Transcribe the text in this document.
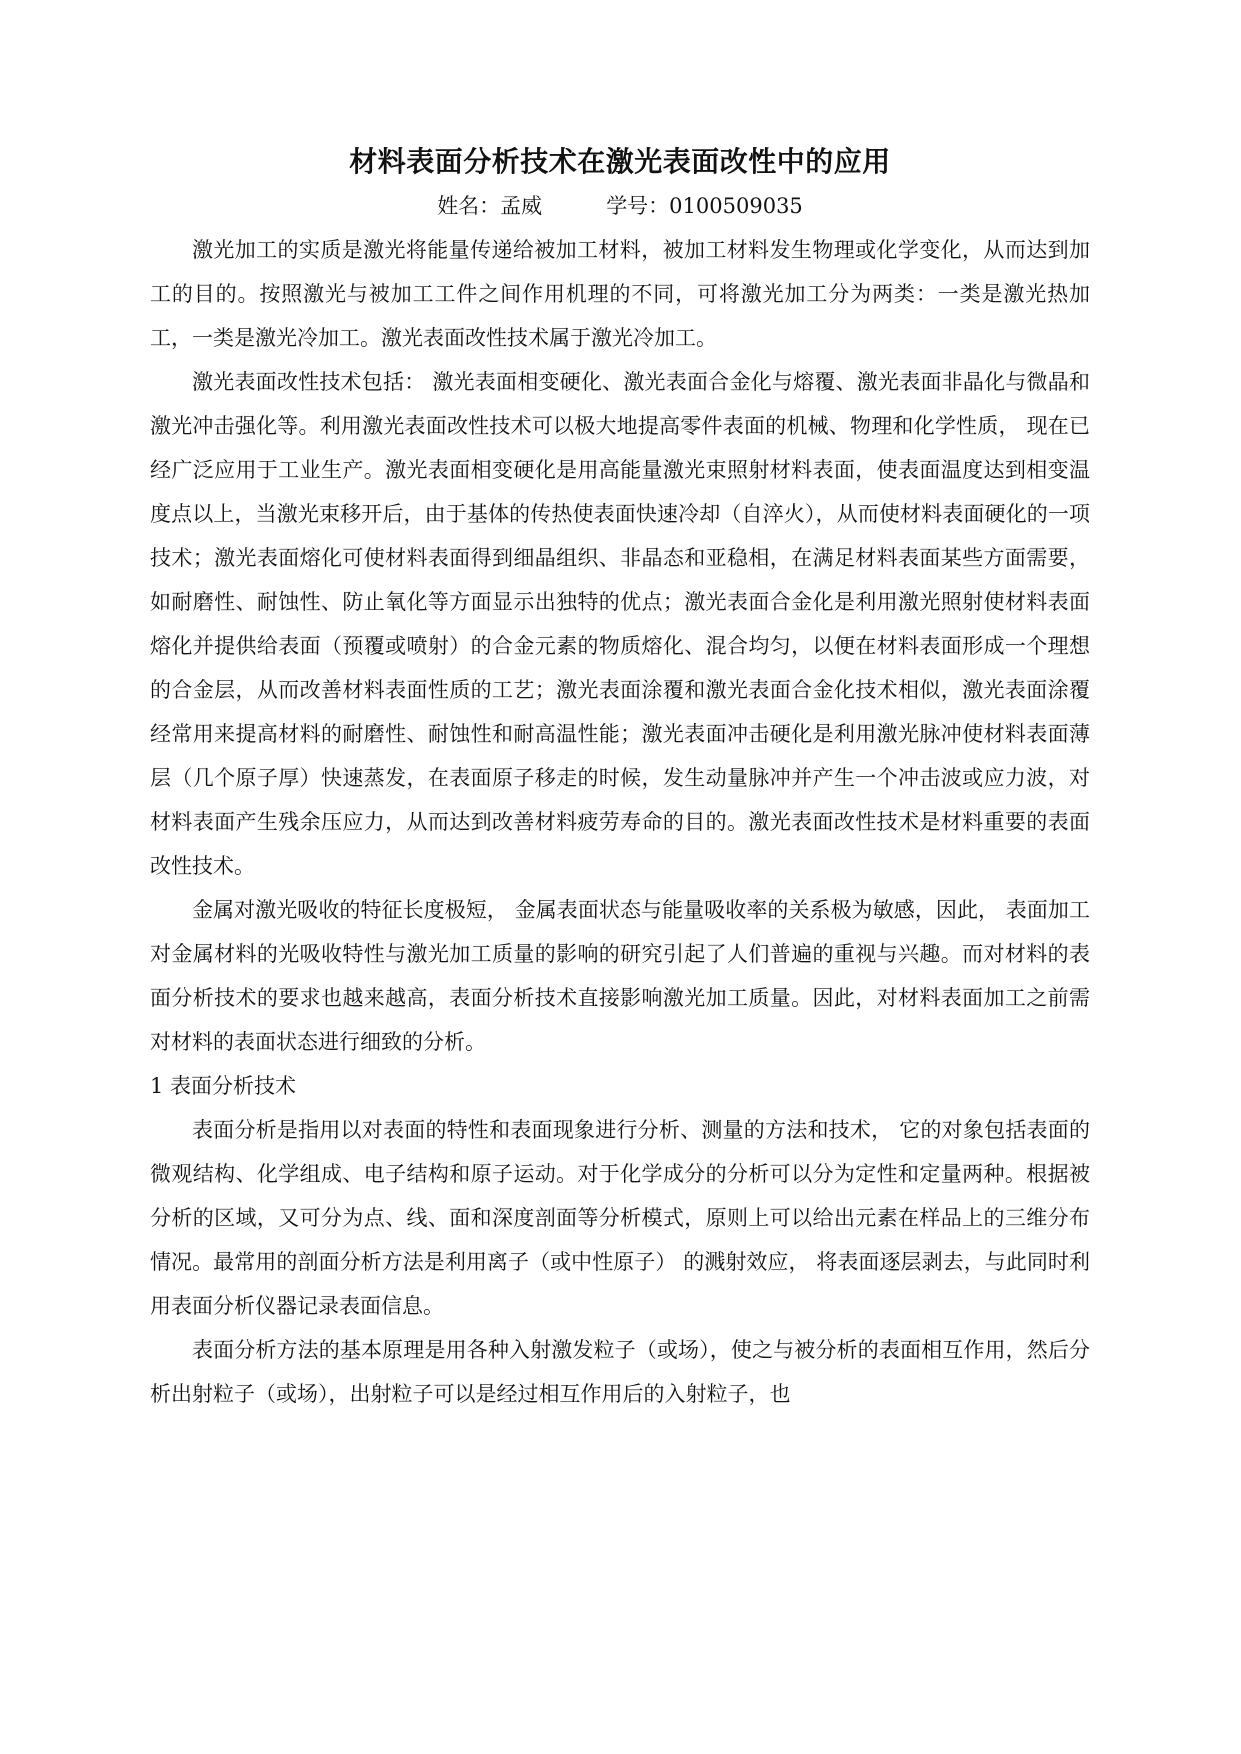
材料表面分析技术在激光表面改性中的应用
姓名：孟威	学号：0100509035

激光加工的实质是激光将能量传递给被加工材料，被加工材料发生物理或化学变化，从而达到加工的目的。按照激光与被加工工件之间作用机理的不同，可将激光加工分为两类：一类是激光热加工，一类是激光冷加工。激光表面改性技术属于激光冷加工。

激光表面改性技术包括： 激光表面相变硬化、激光表面合金化与熔覆、激光表面非晶化与微晶和激光冲击强化等。利用激光表面改性技术可以极大地提高零件表面的机械、物理和化学性质， 现在已经广泛应用于工业生产。激光表面相变硬化是用高能量激光束照射材料表面，使表面温度达到相变温度点以上，当激光束移开后，由于基体的传热使表面快速冷却（自淬火），从而使材料表面硬化的一项技术；激光表面熔化可使材料表面得到细晶组织、非晶态和亚稳相，在满足材料表面某些方面需要，如耐磨性、耐蚀性、防止氧化等方面显示出独特的优点；激光表面合金化是利用激光照射使材料表面熔化并提供给表面（预覆或喷射）的合金元素的物质熔化、混合均匀，以便在材料表面形成一个理想的合金层，从而改善材料表面性质的工艺；激光表面涂覆和激光表面合金化技术相似，激光表面涂覆经常用来提高材料的耐磨性、耐蚀性和耐高温性能；激光表面冲击硬化是利用激光脉冲使材料表面薄层（几个原子厚）快速蒸发，在表面原子移走的时候，发生动量脉冲并产生一个冲击波或应力波，对材料表面产生残余压应力，从而达到改善材料疲劳寿命的目的。激光表面改性技术是材料重要的表面改性技术。

金属对激光吸收的特征长度极短， 金属表面状态与能量吸收率的关系极为敏感，因此， 表面加工对金属材料的光吸收特性与激光加工质量的影响的研究引起了人们普遍的重视与兴趣。而对材料的表面分析技术的要求也越来越高，表面分析技术直接影响激光加工质量。因此，对材料表面加工之前需对材料的表面状态进行细致的分析。

1 表面分析技术

表面分析是指用以对表面的特性和表面现象进行分析、测量的方法和技术， 它的对象包括表面的微观结构、化学组成、电子结构和原子运动。对于化学成分的分析可以分为定性和定量两种。根据被分析的区域，又可分为点、线、面和深度剖面等分析模式，原则上可以给出元素在样品上的三维分布情况。最常用的剖面分析方法是利用离子（或中性原子） 的溅射效应， 将表面逐层剥去，与此同时利用表面分析仪器记录表面信息。

表面分析方法的基本原理是用各种入射激发粒子（或场），使之与被分析的表面相互作用，然后分析出射粒子（或场），出射粒子可以是经过相互作用后的入射粒子，也
